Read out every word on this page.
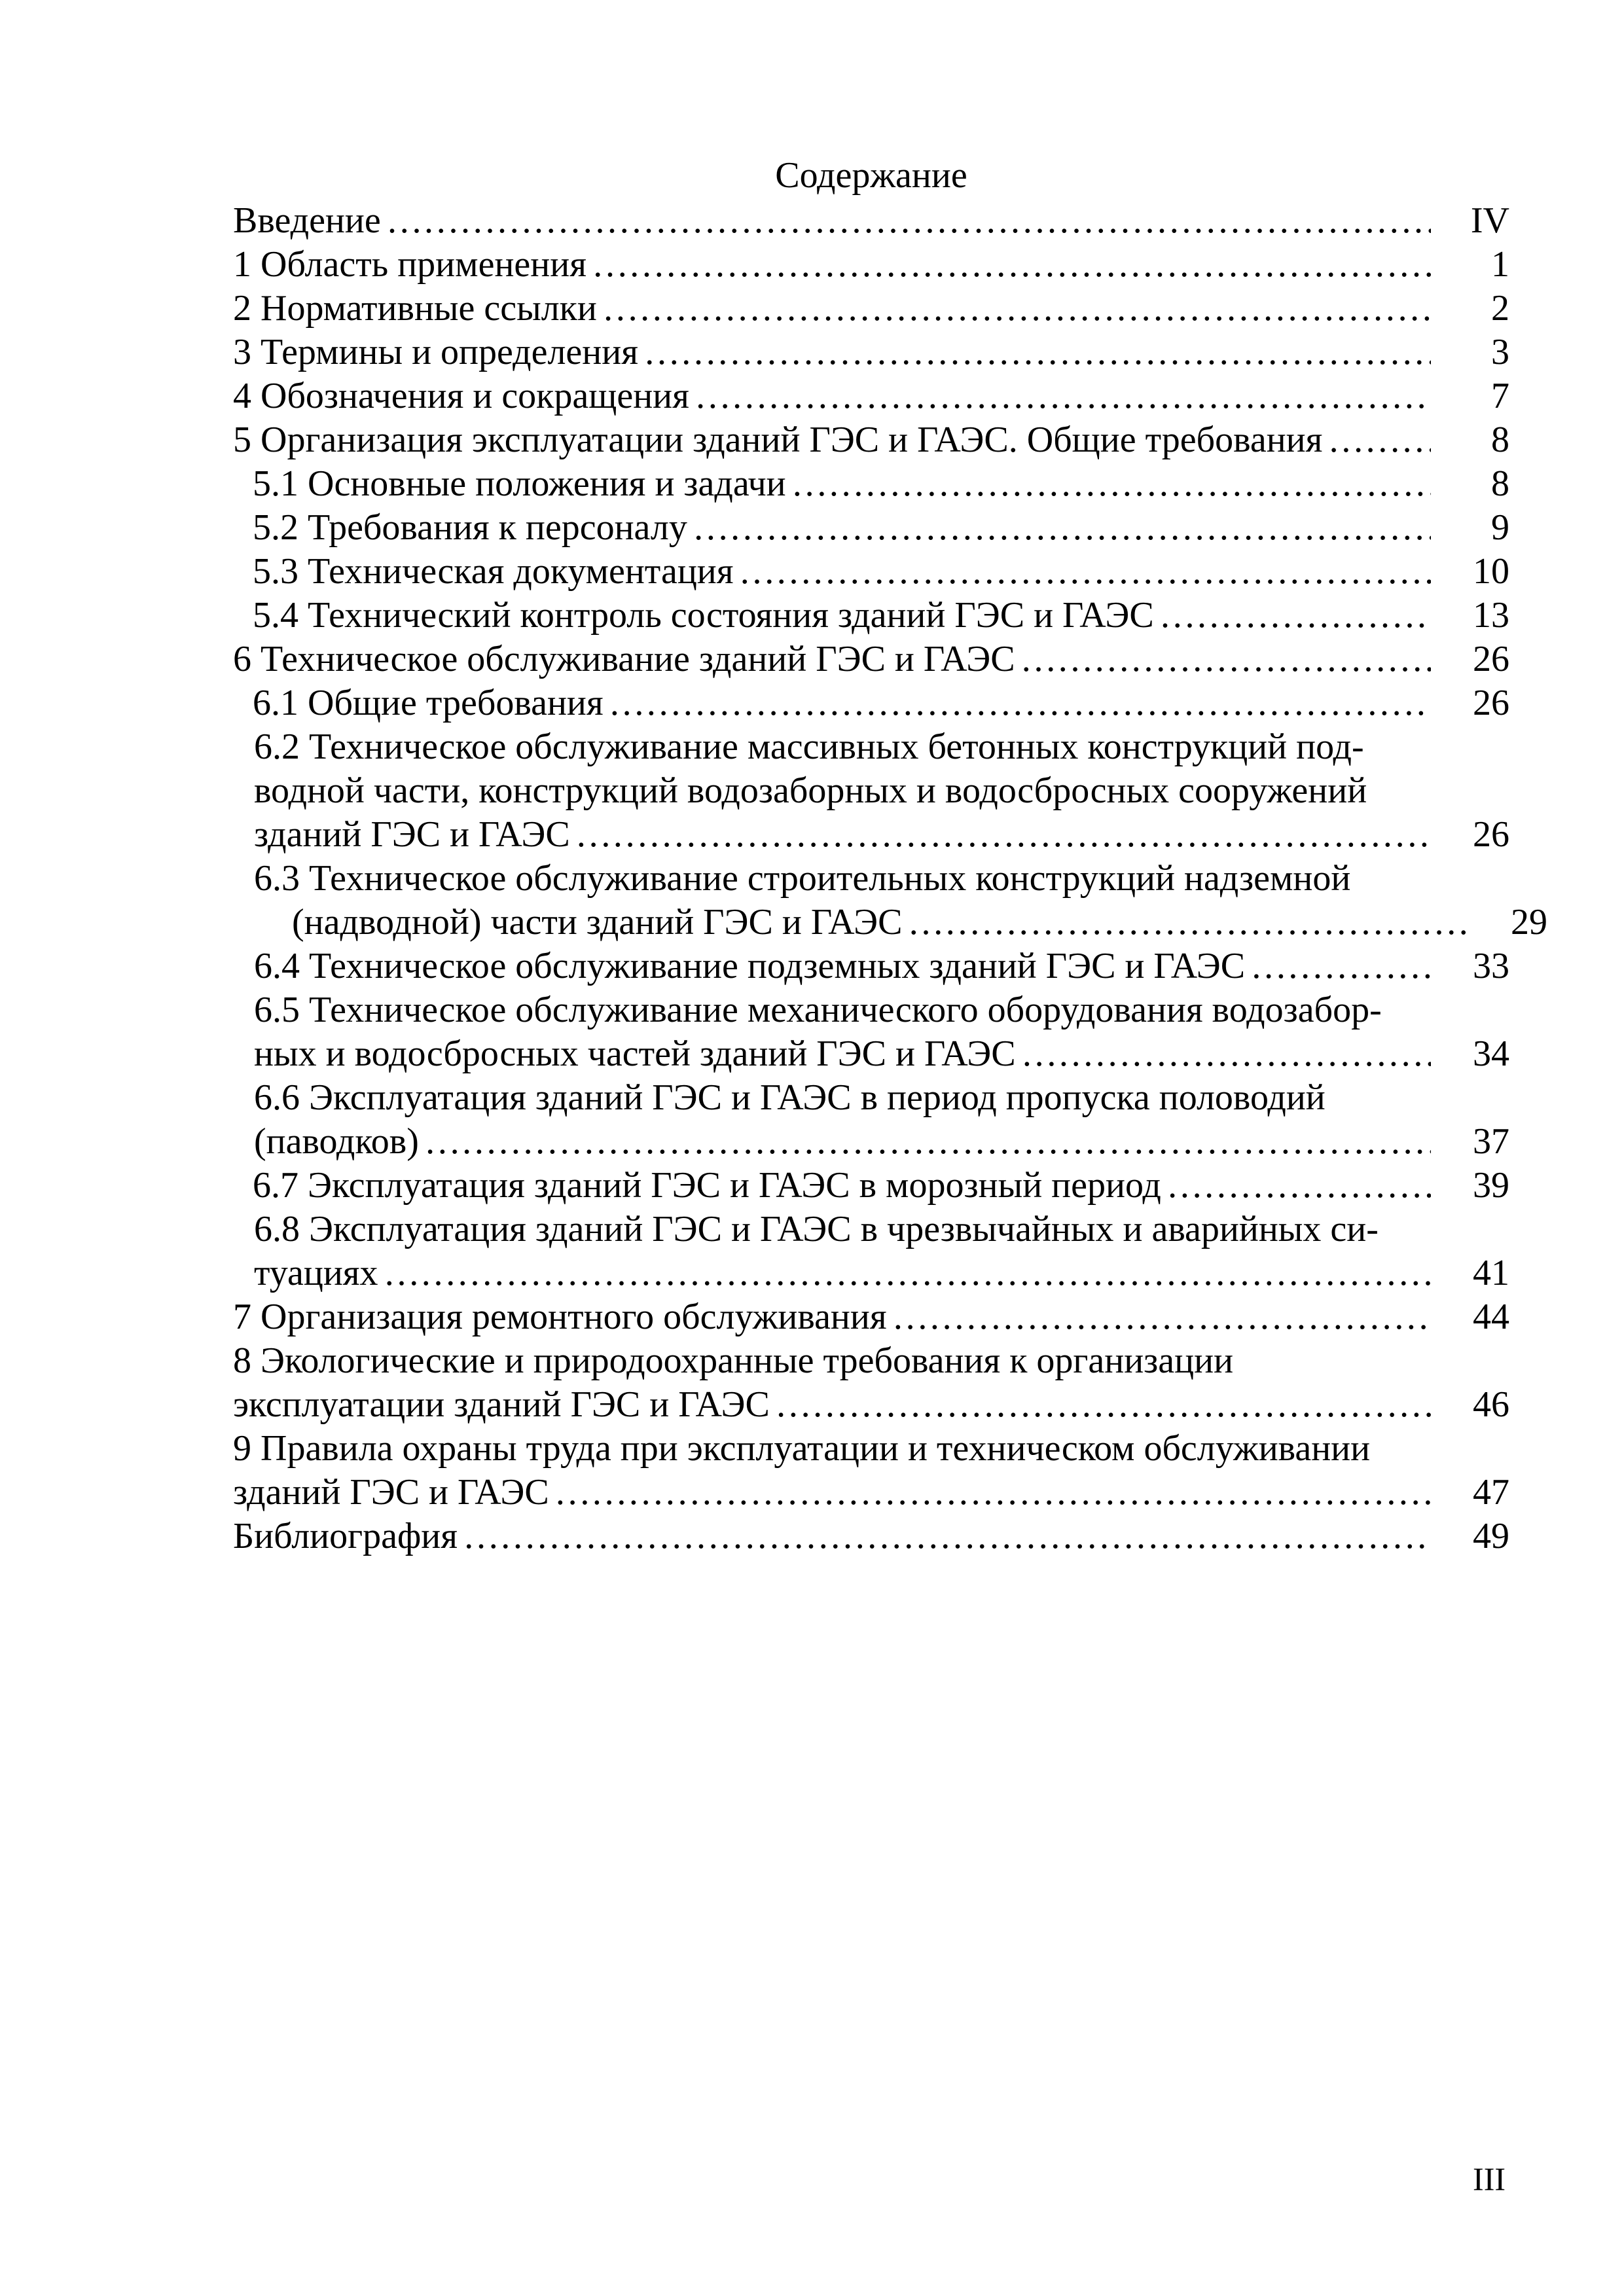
Содержание
Введение …………………………………………………………………………………………………………………………………………………	IV
1 Область применения …………………………………………………………………………………………………………………………………………………	1
2 Нормативные ссылки …………………………………………………………………………………………………………………………………………………	2
3 Термины и определения …………………………………………………………………………………………………………………………………………………	3
4 Обозначения и сокращения …………………………………………………………………………………………………………………………………………………	7
5 Организация эксплуатации зданий ГЭС и ГАЭС. Общие требования …………………………………………………………………………………………………………………………………………………	8
5.1 Основные положения и задачи …………………………………………………………………………………………………………………………………………………	8
5.2 Требования к персоналу …………………………………………………………………………………………………………………………………………………	9
5.3 Техническая документация …………………………………………………………………………………………………………………………………………………	10
5.4 Технический контроль состояния зданий ГЭС и ГАЭС …………………………………………………………………………………………………………………………………………………	13
6 Техническое обслуживание зданий ГЭС и ГАЭС …………………………………………………………………………………………………………………………………………………	26
6.1 Общие требования …………………………………………………………………………………………………………………………………………………	26
6.2 Техническое обслуживание массивных бетонных конструкций под-
водной части, конструкций водозаборных и водосбросных сооружений
зданий ГЭС и ГАЭС …………………………………………………………………………………………………………………………………………………	26
6.3 Техническое обслуживание строительных конструкций надземной
(надводной) части зданий ГЭС и ГАЭС …………………………………………………………………………………………………………………………………………………	29
6.4 Техническое обслуживание подземных зданий ГЭС и ГАЭС …………………………………………………………………………………………………………………………………………………	33
6.5 Техническое обслуживание механического оборудования водозабор-
ных и водосбросных частей зданий ГЭС и ГАЭС …………………………………………………………………………………………………………………………………………………	34
6.6 Эксплуатация зданий ГЭС и ГАЭС в период пропуска половодий
(паводков) …………………………………………………………………………………………………………………………………………………	37
6.7 Эксплуатация зданий ГЭС и ГАЭС в морозный период …………………………………………………………………………………………………………………………………………………	39
6.8 Эксплуатация зданий ГЭС и ГАЭС в чрезвычайных и аварийных си-
туациях …………………………………………………………………………………………………………………………………………………	41
7 Организация ремонтного обслуживания …………………………………………………………………………………………………………………………………………………	44
8 Экологические и природоохранные требования к организации
эксплуатации зданий ГЭС и ГАЭС …………………………………………………………………………………………………………………………………………………	46
9 Правила охраны труда при эксплуатации и техническом обслуживании
зданий ГЭС и ГАЭС …………………………………………………………………………………………………………………………………………………	47
Библиография …………………………………………………………………………………………………………………………………………………	49
III
